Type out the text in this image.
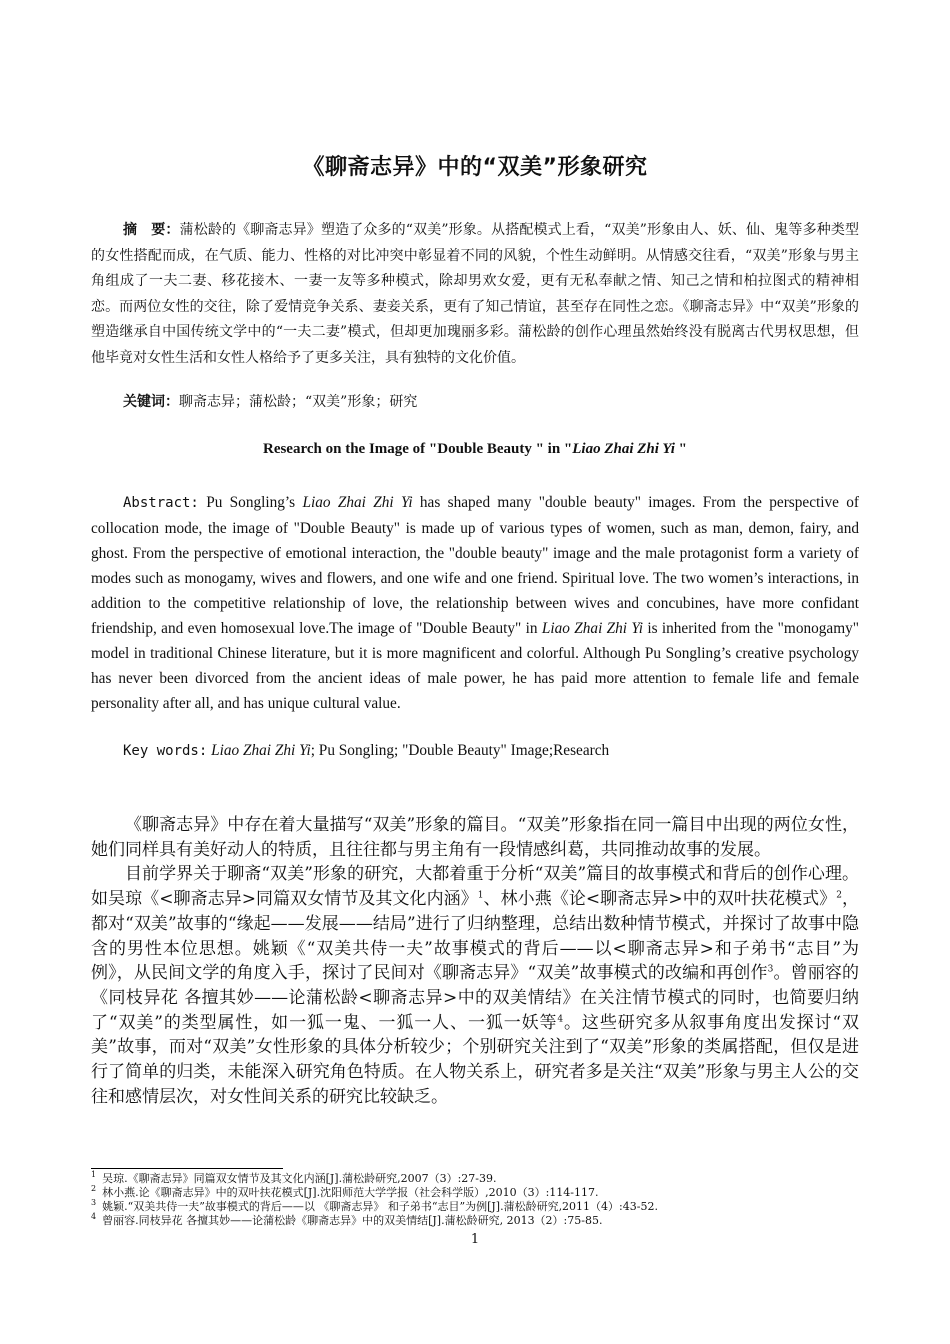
《聊斋志异》中的“双美”形象研究
摘　要：蒲松龄的《聊斋志异》塑造了众多的“双美”形象。从搭配模式上看，“双美”形象由人、妖、仙、鬼等多种类型的女性搭配而成，在气质、能力、性格的对比冲突中彰显着不同的风貌，个性生动鲜明。从情感交往看，“双美”形象与男主角组成了一夫二妻、移花接木、一妻一友等多种模式，除却男欢女爱，更有无私奉献之情、知己之情和柏拉图式的精神相恋。而两位女性的交往，除了爱情竞争关系、妻妾关系，更有了知己情谊，甚至存在同性之恋。《聊斋志异》中“双美”形象的塑造继承自中国传统文学中的“一夫二妻”模式，但却更加瑰丽多彩。蒲松龄的创作心理虽然始终没有脱离古代男权思想，但他毕竟对女性生活和女性人格给予了更多关注，具有独特的文化价值。
关键词：聊斋志异；蒲松龄；“双美”形象；研究
Research on the Image of "Double Beauty " in "Liao Zhai Zhi Yi "
Abstract: Pu Songling’s Liao Zhai Zhi Yi has shaped many "double beauty" images. From the perspective of collocation mode, the image of "Double Beauty" is made up of various types of women, such as man, demon, fairy, and ghost. From the perspective of emotional interaction, the "double beauty" image and the male protagonist form a variety of modes such as monogamy, wives and flowers, and one wife and one friend. Spiritual love. The two women’s interactions, in addition to the competitive relationship of love, the relationship between wives and concubines, have more confidant friendship, and even homosexual love.The image of "Double Beauty" in Liao Zhai Zhi Yi is inherited from the "monogamy" model in traditional Chinese literature, but it is more magnificent and colorful. Although Pu Songling’s creative psychology has never been divorced from the ancient ideas of male power, he has paid more attention to female life and female personality after all, and has unique cultural value.
Key words: Liao Zhai Zhi Yi; Pu Songling; "Double Beauty" Image;Research

《聊斋志异》中存在着大量描写“双美”形象的篇目。“双美”形象指在同一篇目中出现的两位女性，她们同样具有美好动人的特质，且往往都与男主角有一段情感纠葛，共同推动故事的发展。

目前学界关于聊斋“双美”形象的研究，大都着重于分析“双美”篇目的故事模式和背后的创作心理。如吴琼《<聊斋志异>同篇双女情节及其文化内涵》$^1$、林小燕《论<聊斋志异>中的双叶扶花模式》$^2$，都对“双美”故事的“缘起——发展——结局”进行了归纳整理，总结出数种情节模式，并探讨了故事中隐含的男性本位思想。姚颖《“双美共侍一夫”故事模式的背后——以<聊斋志异>和子弟书“志目”为例》，从民间文学的角度入手，探讨了民间对《聊斋志异》“双美”故事模式的改编和再创作$^3$。曾丽容的《同枝异花 各擅其妙——论蒲松龄<聊斋志异>中的双美情结》在关注情节模式的同时，也简要归纳了“双美”的类型属性，如一狐一鬼、一狐一人、一狐一妖等$^4$。这些研究多从叙事角度出发探讨“双美”故事，而对“双美”女性形象的具体分析较少；个别研究关注到了“双美”形象的类属搭配，但仅是进行了简单的归类，未能深入研究角色特质。在人物关系上，研究者多是关注“双美”形象与男主人公的交往和感情层次，对女性间关系的研究比较缺乏。

$^1$ 吴琼.《聊斋志异》同篇双女情节及其文化内涵[J].蒲松龄研究,2007（3）:27-39.
$^2$ 林小燕.论《聊斋志异》中的双叶扶花模式[J].沈阳师范大学学报（社会科学版）,2010（3）:114-117.
$^3$ 姚颖.“双美共侍一夫”故事模式的背后——以 《聊斋志异》 和子弟书“志目”为例[J].蒲松龄研究,2011（4）:43-52.
$^4$ 曾丽容.同枝异花 各擅其妙——论蒲松龄《聊斋志异》中的双美情结[J].蒲松龄研究, 2013（2）:75-85.
1
